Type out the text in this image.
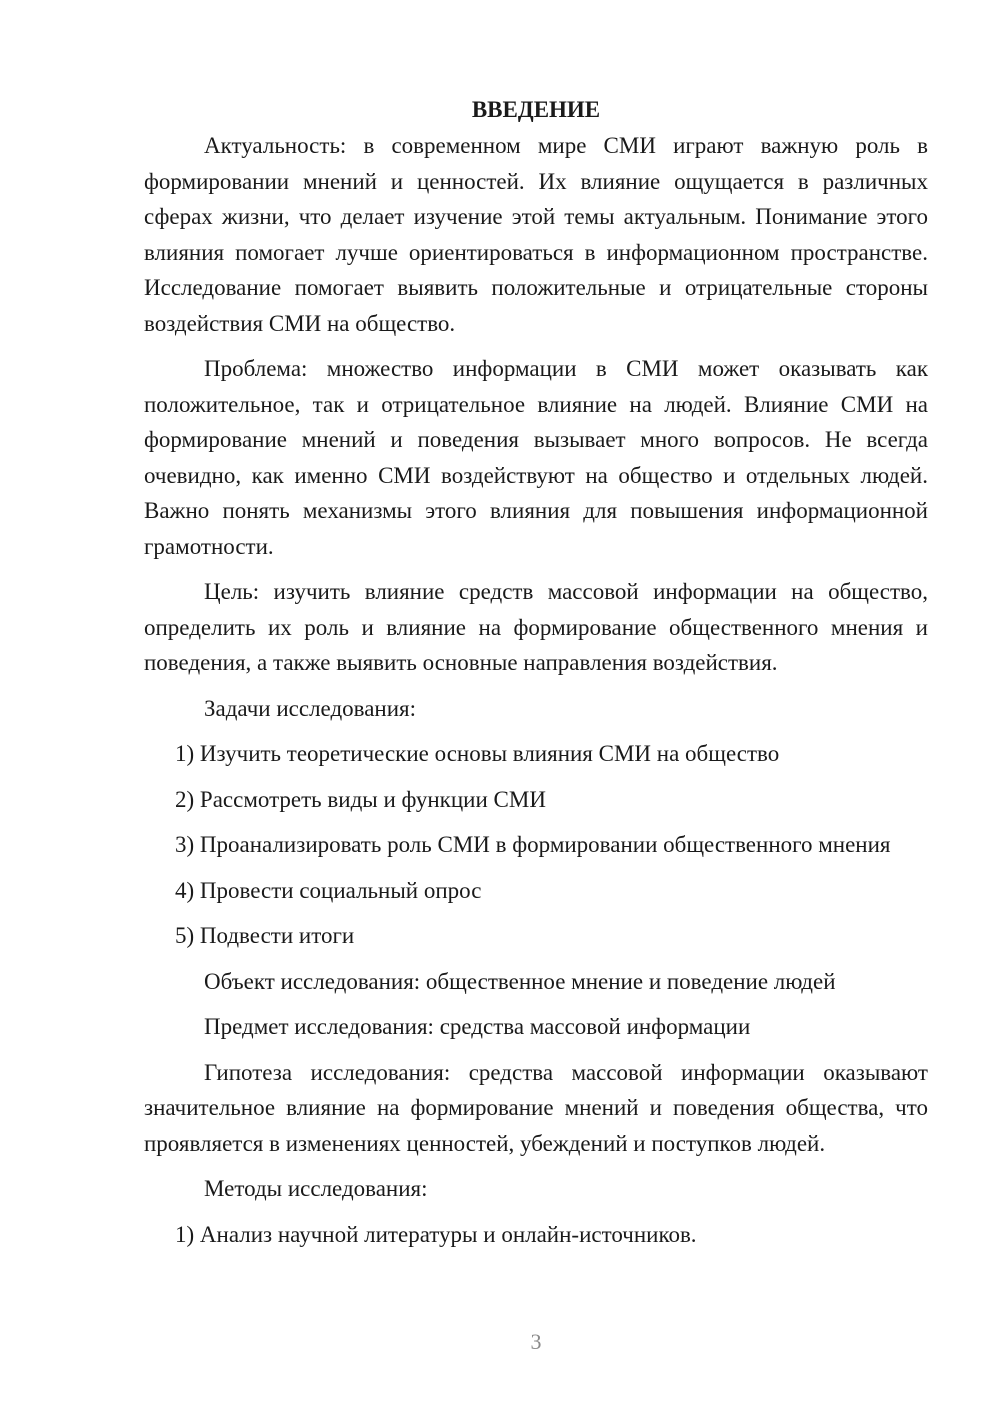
ВВЕДЕНИЕ

Актуальность: в современном мире СМИ играют важную роль в формировании мнений и ценностей. Их влияние ощущается в различных сферах жизни, что делает изучение этой темы актуальным. Понимание этого влияния помогает лучше ориентироваться в информационном пространстве. Исследование помогает выявить положительные и отрицательные стороны воздействия СМИ на общество.

Проблема: множество информации в СМИ может оказывать как положительное, так и отрицательное влияние на людей. Влияние СМИ на формирование мнений и поведения вызывает много вопросов. Не всегда очевидно, как именно СМИ воздействуют на общество и отдельных людей. Важно понять механизмы этого влияния для повышения информационной грамотности.

Цель: изучить влияние средств массовой информации на общество, определить их роль и влияние на формирование общественного мнения и поведения, а также выявить основные направления воздействия.

Задачи исследования:

1) Изучить теоретические основы влияния СМИ на общество

2) Рассмотреть виды и функции СМИ

3) Проанализировать роль СМИ в формировании общественного мнения

4) Провести социальный опрос

5) Подвести итоги

Объект исследования: общественное мнение и поведение людей

Предмет исследования: средства массовой информации

Гипотеза исследования: средства массовой информации оказывают значительное влияние на формирование мнений и поведения общества, что проявляется в изменениях ценностей, убеждений и поступков людей.

Методы исследования:

1) Анализ научной литературы и онлайн-источников.

3
